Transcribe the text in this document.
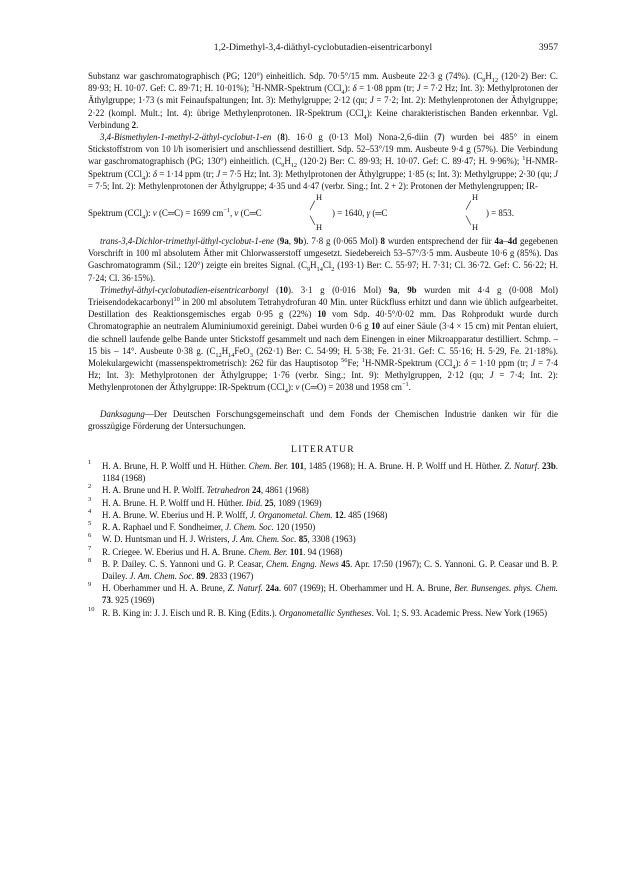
1,2-Dimethyl-3,4-diäthyl-cyclobutadien-eisentricarbonyl	3957

Substanz war gaschromatographisch (PG; 120°) einheitlich. Sdp. 70·5°/15 mm. Ausbeute 22·3 g (74%). ($C_9H_{12}$ (120·2) Ber: C. 89·93; H. 10·07. Gef: C. 89·71; H. 10·01%); $^1$H-NMR-Spektrum (CCl$_4$): δ = 1·08 ppm (tr; J = 7·2 Hz; Int. 3): Methylprotonen der Äthylgruppe; 1·73 (s mit Feinaufspaltungen; Int. 3): Methylgruppe; 2·12 (qu; J = 7·2; Int. 2): Methylenprotonen der Äthylgruppe; 2·22 (kompl. Mult.; Int. 4): übrige Methylenprotonen. IR-Spektrum (CCl$_4$): Keine charakteristischen Banden erkennbar. Vgl. Verbindung 2.

3,4-Bismethylen-1-methyl-2-äthyl-cyclobut-1-en (8). 16·0 g (0·13 Mol) Nona-2,6-diin (7) wurden bei 485° in einem Stickstoffstrom von 10 l/h isomerisiert und anschliessend destilliert. Sdp. 52–53°/19 mm. Ausbeute 9·4 g (57%). Die Verbindung war gaschromatographisch (PG; 130°) einheitlich. ($C_9H_{12}$ (120·2) Ber: C. 89·93; H. 10·07. Gef: C. 89·47; H. 9·96%); $^1$H-NMR-Spektrum (CCl$_4$): δ = 1·14 ppm (tr; J = 7·5 Hz; Int. 3): Methylprotonen der Äthylgruppe; 1·85 (s; Int. 3): Methylgruppe; 2·30 (qu; J = 7·5; Int. 2): Methylenprotonen der Äthylgruppe; 4·35 und 4·47 (verbr. Sing.; Int. 2 + 2): Protonen der Methylengruppen; IR-

Spektrum (CCl$_4$): ν (C═C) = 1699 $cm^{-1}$, ν (C═C
H
╱
╲
H
) = 1640, γ (═C
H
╱
╲
H
) = 853.

trans-3,4-Dichlor-trimethyl-äthyl-cyclobut-1-ene (9a, 9b). 7·8 g (0·065 Mol) 8 wurden entsprechend der für 4a–4d gegebenen Vorschrift in 100 ml absolutem Äther mit Chlorwasserstoff umgesetzt. Siedebereich 53–57°/3·5 mm. Ausbeute 10·6 g (85%). Das Gaschromatogramm (Sil.; 120°) zeigte ein breites Signal. ($C_9H_{14}Cl_2$ (193·1) Ber: C. 55·97; H. 7·31; Cl. 36·72. Gef: C. 56·22; H. 7·24; Cl. 36·15%).

Trimethyl-äthyl-cyclobutadien-eisentricarbonyl (10). 3·1 g (0·016 Mol) 9a, 9b wurden mit 4·4 g (0·008 Mol) Trieisendodekacarbonyl$^{10}$ in 200 ml absolutem Tetrahydrofuran 40 Min. unter Rückfluss erhitzt und dann wie üblich aufgearbeitet. Destillation des Reaktionsgemisches ergab 0·95 g (22%) 10 vom Sdp. 40·5°/0·02 mm. Das Rohprodukt wurde durch Chromatographie an neutralem Aluminiumoxid gereinigt. Dabei wurden 0·6 g 10 auf einer Säule (3·4 × 15 cm) mit Pentan eluiert, die schnell laufende gelbe Bande unter Stickstoff gesammelt und nach dem Einengen in einer Mikroapparatur destilliert. Schmp. – 15 bis – 14°. Ausbeute 0·38 g. ($C_{12}H_{14}FeO_3$ (262·1) Ber: C. 54·99; H. 5·38; Fe. 21·31. Gef: C. 55·16; H. 5·29, Fe. 21·18%). Molekulargewicht (massenspektrometrisch): 262 für das Hauptisotop $^{56}$Fe; $^1$H-NMR-Spektrum (CCl$_4$): δ = 1·10 ppm (tr; J = 7·4 Hz; Int. 3): Methylprotonen der Äthylgruppe; 1·76 (verbr. Sing.; Int. 9): Methylgruppen, 2·12 (qu; J = 7·4; Int. 2): Methylenprotonen der Äthylgruppe: IR-Spektrum (CCl$_4$): ν (C═O) = 2038 und 1958 $cm^{-1}$.

Danksagung—Der Deutschen Forschungsgemeinschaft und dem Fonds der Chemischen Industrie danken wir für die grosszügige Förderung der Untersuchungen.

LITERATUR
1 H. A. Brune, H. P. Wolff und H. Hüther. Chem. Ber. 101, 1485 (1968); H. A. Brune. H. P. Wolff und H. Hüther. Z. Naturf. 23b. 1184 (1968)
2 H. A. Brune und H. P. Wolff. Tetrahedron 24, 4861 (1968)
3 H. A. Brune. H. P. Wolff und H. Hüther. Ibid. 25, 1089 (1969)
4 H. A. Brune. W. Eberius und H. P. Wolff, J. Organometal. Chem. 12. 485 (1968)
5 R. A. Raphael und F. Sondheimer, J. Chem. Soc. 120 (1950)
6 W. D. Huntsman und H. J. Wristers, J. Am. Chem. Soc. 85, 3308 (1963)
7 R. Criegee. W. Eberius und H. A. Brune. Chem. Ber. 101. 94 (1968)
8 B. P. Dailey. C. S. Yannoni und G. P. Ceasar, Chem. Engng. News 45. Apr. 17:50 (1967); C. S. Yannoni. G. P. Ceasar und B. P. Dailey. J. Am. Chem. Soc. 89. 2833 (1967)
9 H. Oberhammer und H. A. Brune, Z. Naturf. 24a. 607 (1969); H. Oberhammer und H. A. Brune, Ber. Bunsenges. phys. Chem. 73. 925 (1969)
10 R. B. King in: J. J. Eisch und R. B. King (Edits.). Organometallic Syntheses. Vol. 1; S. 93. Academic Press. New York (1965)
